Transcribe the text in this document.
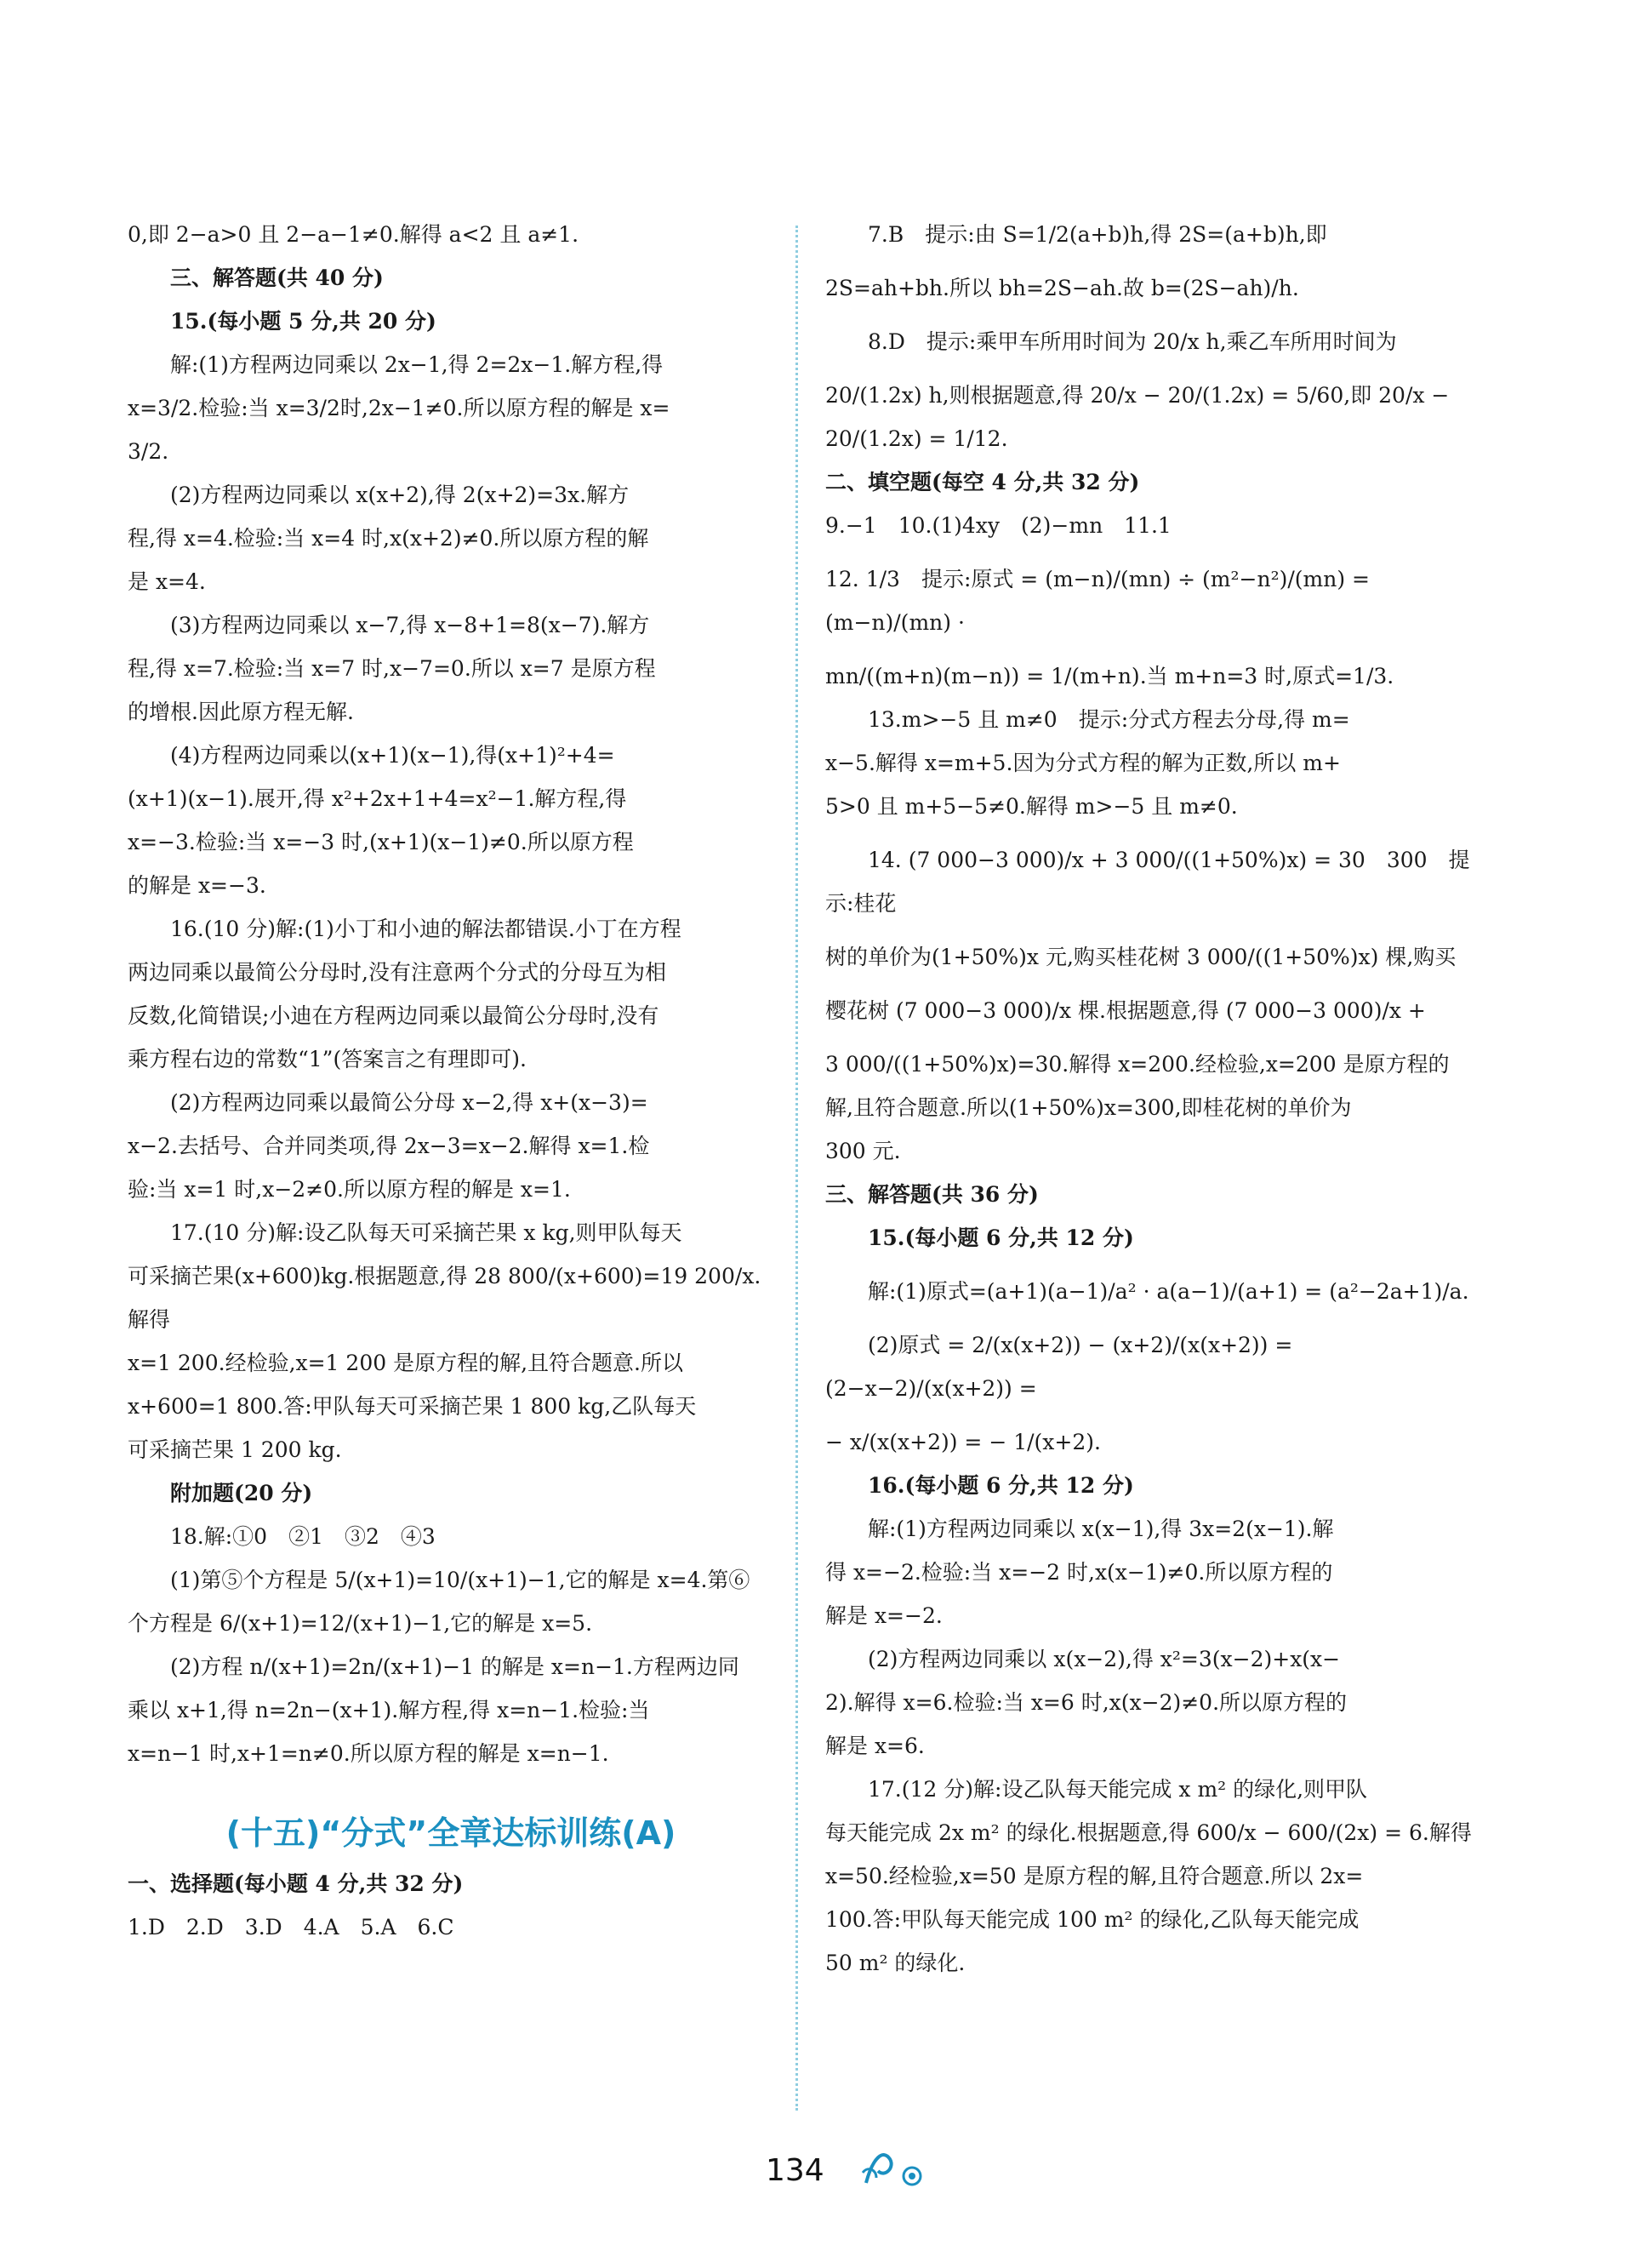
0,即 2−a>0 且 2−a−1≠0.解得 a<2 且 a≠1.

三、解答题(共 40 分)

15.(每小题 5 分,共 20 分)

解:(1)方程两边同乘以 2x−1,得 2=2x−1.解方程,得

x=3/2.检验:当 x=3/2时,2x−1≠0.所以原方程的解是 x=

3/2.

(2)方程两边同乘以 x(x+2),得 2(x+2)=3x.解方

程,得 x=4.检验:当 x=4 时,x(x+2)≠0.所以原方程的解

是 x=4.

(3)方程两边同乘以 x−7,得 x−8+1=8(x−7).解方

程,得 x=7.检验:当 x=7 时,x−7=0.所以 x=7 是原方程

的增根.因此原方程无解.

(4)方程两边同乘以(x+1)(x−1),得(x+1)²+4=

(x+1)(x−1).展开,得 x²+2x+1+4=x²−1.解方程,得

x=−3.检验:当 x=−3 时,(x+1)(x−1)≠0.所以原方程

的解是 x=−3.

16.(10 分)解:(1)小丁和小迪的解法都错误.小丁在方程

两边同乘以最简公分母时,没有注意两个分式的分母互为相

反数,化简错误;小迪在方程两边同乘以最简公分母时,没有

乘方程右边的常数“1”(答案言之有理即可).

(2)方程两边同乘以最简公分母 x−2,得 x+(x−3)=

x−2.去括号、合并同类项,得 2x−3=x−2.解得 x=1.检

验:当 x=1 时,x−2≠0.所以原方程的解是 x=1.

17.(10 分)解:设乙队每天可采摘芒果 x kg,则甲队每天

可采摘芒果(x+600)kg.根据题意,得 28 800/(x+600)=19 200/x.解得

x=1 200.经检验,x=1 200 是原方程的解,且符合题意.所以

x+600=1 800.答:甲队每天可采摘芒果 1 800 kg,乙队每天

可采摘芒果 1 200 kg.

附加题(20 分)

18.解:①0　②1　③2　④3

(1)第⑤个方程是 5/(x+1)=10/(x+1)−1,它的解是 x=4.第⑥

个方程是 6/(x+1)=12/(x+1)−1,它的解是 x=5.

(2)方程 n/(x+1)=2n/(x+1)−1 的解是 x=n−1.方程两边同

乘以 x+1,得 n=2n−(x+1).解方程,得 x=n−1.检验:当

x=n−1 时,x+1=n≠0.所以原方程的解是 x=n−1.

(十五)“分式”全章达标训练(A)

一、选择题(每小题 4 分,共 32 分)

1.D　2.D　3.D　4.A　5.A　6.C

7.B　提示:由 S=1/2(a+b)h,得 2S=(a+b)h,即

2S=ah+bh.所以 bh=2S−ah.故 b=(2S−ah)/h.

8.D　提示:乘甲车所用时间为 20/x h,乘乙车所用时间为

20/(1.2x) h,则根据题意,得 20/x − 20/(1.2x) = 5/60,即 20/x − 20/(1.2x) = 1/12.

二、填空题(每空 4 分,共 32 分)

9.−1　10.(1)4xy　(2)−mn　11.1

12. 1/3　提示:原式 = (m−n)/(mn) ÷ (m²−n²)/(mn) = (m−n)/(mn) ·

mn/((m+n)(m−n)) = 1/(m+n).当 m+n=3 时,原式=1/3.

13.m>−5 且 m≠0　提示:分式方程去分母,得 m=

x−5.解得 x=m+5.因为分式方程的解为正数,所以 m+

5>0 且 m+5−5≠0.解得 m>−5 且 m≠0.

14. (7 000−3 000)/x + 3 000/((1+50%)x) = 30　300　提示:桂花

树的单价为(1+50%)x 元,购买桂花树 3 000/((1+50%)x) 棵,购买

樱花树 (7 000−3 000)/x 棵.根据题意,得 (7 000−3 000)/x +

3 000/((1+50%)x)=30.解得 x=200.经检验,x=200 是原方程的

解,且符合题意.所以(1+50%)x=300,即桂花树的单价为

300 元.

三、解答题(共 36 分)

15.(每小题 6 分,共 12 分)

解:(1)原式=(a+1)(a−1)/a² · a(a−1)/(a+1) = (a²−2a+1)/a.

(2)原式 = 2/(x(x+2)) − (x+2)/(x(x+2)) = (2−x−2)/(x(x+2)) =

− x/(x(x+2)) = − 1/(x+2).

16.(每小题 6 分,共 12 分)

解:(1)方程两边同乘以 x(x−1),得 3x=2(x−1).解

得 x=−2.检验:当 x=−2 时,x(x−1)≠0.所以原方程的

解是 x=−2.

(2)方程两边同乘以 x(x−2),得 x²=3(x−2)+x(x−

2).解得 x=6.检验:当 x=6 时,x(x−2)≠0.所以原方程的

解是 x=6.

17.(12 分)解:设乙队每天能完成 x m² 的绿化,则甲队

每天能完成 2x m² 的绿化.根据题意,得 600/x − 600/(2x) = 6.解得

x=50.经检验,x=50 是原方程的解,且符合题意.所以 2x=

100.答:甲队每天能完成 100 m² 的绿化,乙队每天能完成

50 m² 的绿化.

134
